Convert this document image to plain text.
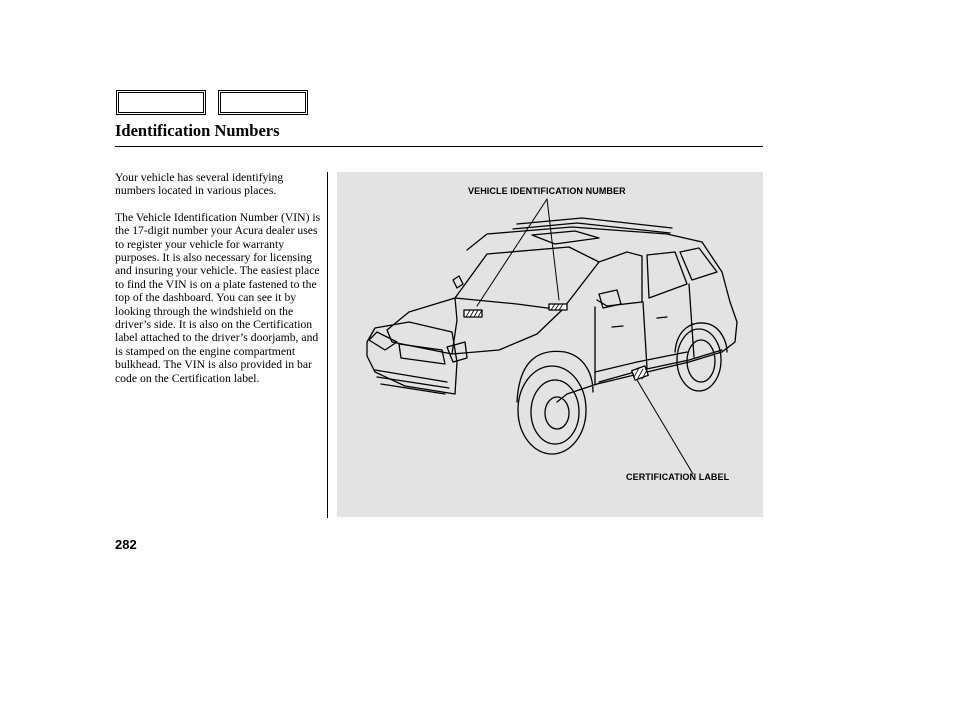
Identification Numbers

Your vehicle has several identifying numbers located in various places.

The Vehicle Identification Number (VIN) is the 17-digit number your Acura dealer uses to register your vehicle for warranty purposes. It is also necessary for licensing and insuring your vehicle. The easiest place to find the VIN is on a plate fastened to the top of the dashboard. You can see it by looking through the windshield on the driver’s side. It is also on the Certification label attached to the driver’s doorjamb, and is stamped on the engine compartment bulkhead. The VIN is also provided in bar code on the Certification label.

VEHICLE IDENTIFICATION NUMBER
CERTIFICATION LABEL
282
